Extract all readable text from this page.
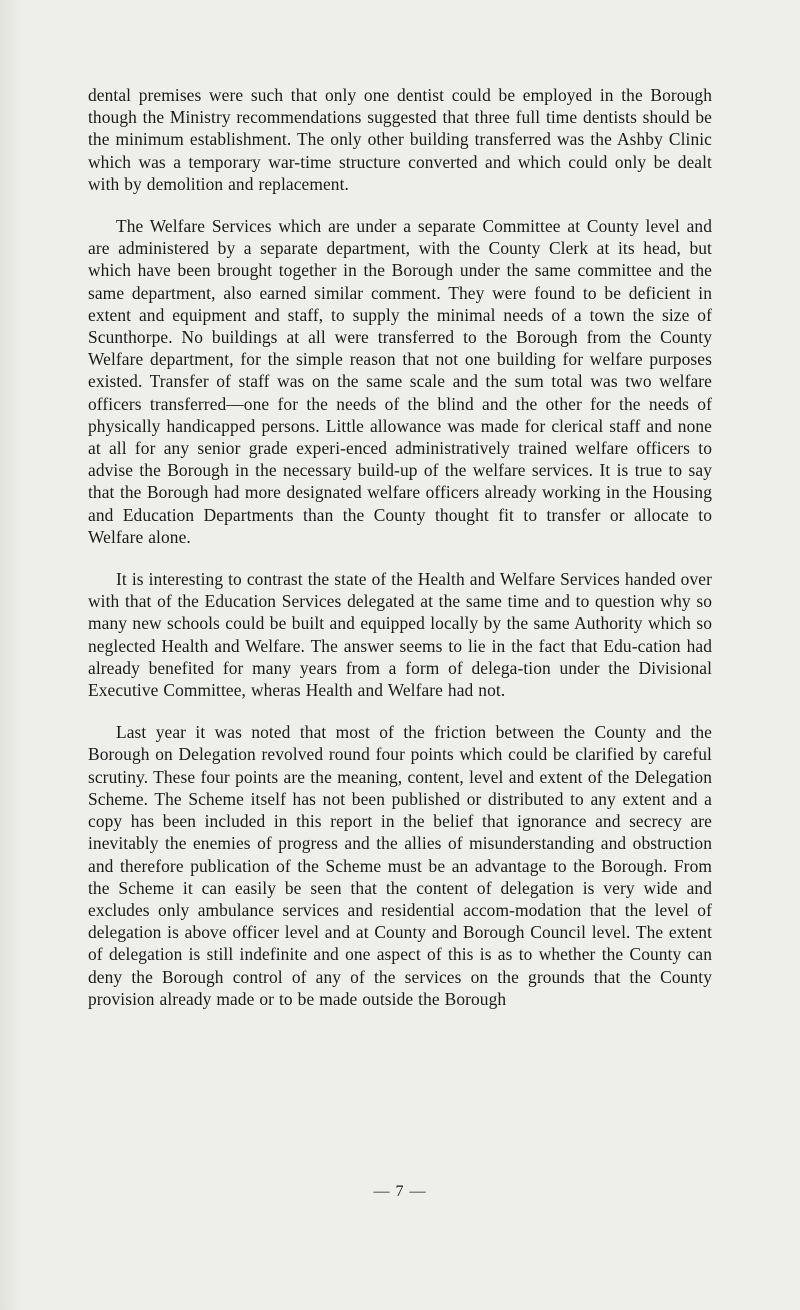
dental premises were such that only one dentist could be employed in the Borough though the Ministry recommendations suggested that three full time dentists should be the minimum establishment. The only other building transferred was the Ashby Clinic which was a temporary war-time structure converted and which could only be dealt with by demolition and replacement.

The Welfare Services which are under a separate Committee at County level and are administered by a separate department, with the County Clerk at its head, but which have been brought together in the Borough under the same committee and the same department, also earned similar comment. They were found to be deficient in extent and equipment and staff, to supply the minimal needs of a town the size of Scunthorpe. No buildings at all were transferred to the Borough from the County Welfare department, for the simple reason that not one building for welfare purposes existed. Transfer of staff was on the same scale and the sum total was two welfare officers transferred—one for the needs of the blind and the other for the needs of physically handicapped persons. Little allowance was made for clerical staff and none at all for any senior grade experi-enced administratively trained welfare officers to advise the Borough in the necessary build-up of the welfare services. It is true to say that the Borough had more designated welfare officers already working in the Housing and Education Departments than the County thought fit to transfer or allocate to Welfare alone.

It is interesting to contrast the state of the Health and Welfare Services handed over with that of the Education Services delegated at the same time and to question why so many new schools could be built and equipped locally by the same Authority which so neglected Health and Welfare. The answer seems to lie in the fact that Edu-cation had already benefited for many years from a form of delega-tion under the Divisional Executive Committee, wheras Health and Welfare had not.

Last year it was noted that most of the friction between the County and the Borough on Delegation revolved round four points which could be clarified by careful scrutiny. These four points are the meaning, content, level and extent of the Delegation Scheme. The Scheme itself has not been published or distributed to any extent and a copy has been included in this report in the belief that ignorance and secrecy are inevitably the enemies of progress and the allies of misunderstanding and obstruction and therefore publication of the Scheme must be an advantage to the Borough. From the Scheme it can easily be seen that the content of delegation is very wide and excludes only ambulance services and residential accom-modation that the level of delegation is above officer level and at County and Borough Council level. The extent of delegation is still indefinite and one aspect of this is as to whether the County can deny the Borough control of any of the services on the grounds that the County provision already made or to be made outside the Borough

— 7 —
